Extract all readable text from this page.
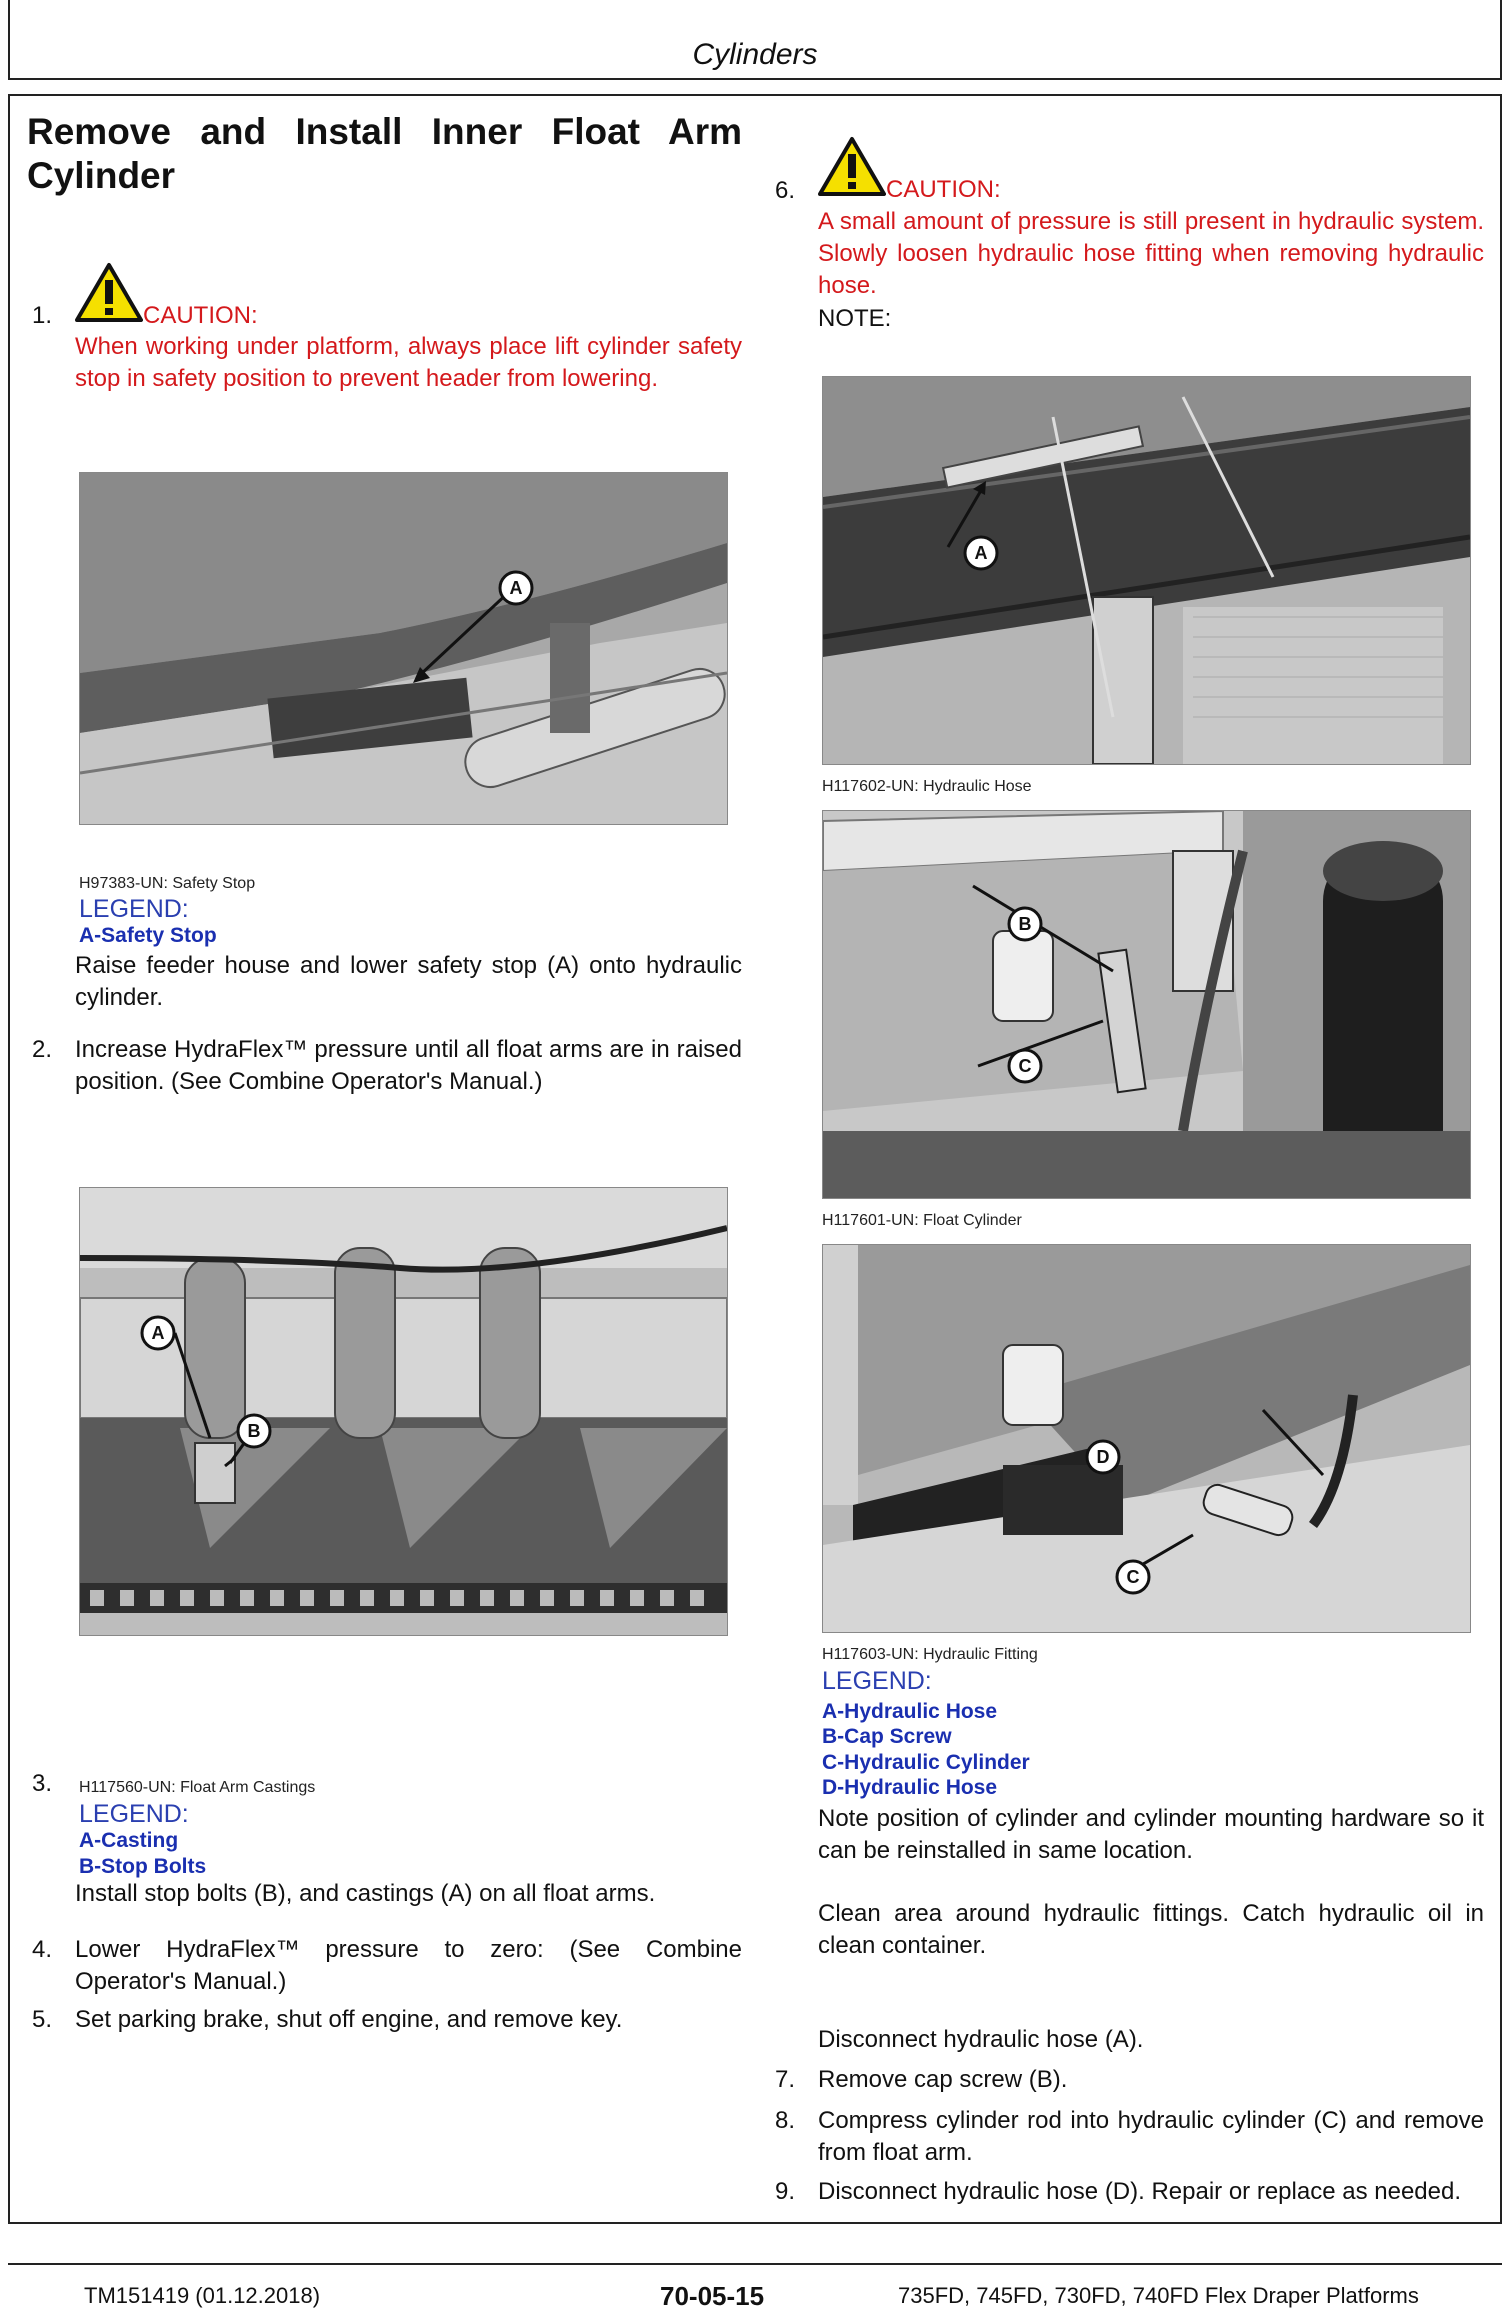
Cylinders
Remove and Install Inner Float Arm Cylinder
1.	CAUTION:
When working under platform, always place lift cylinder safety stop in safety position to prevent header from lowering.
A
H97383-UN: Safety Stop
LEGEND:
A-Safety Stop
Raise feeder house and lower safety stop (A) onto hydraulic cylinder.
2. Increase HydraFlex™ pressure until all float arms are in raised position. (See Combine Operator's Manual.)
A
B
3. H117560-UN: Float Arm Castings
LEGEND:
A-Casting
B-Stop Bolts
Install stop bolts (B), and castings (A) on all float arms.
4. Lower HydraFlex™ pressure to zero: (See Combine Operator's Manual.)
5. Set parking brake, shut off engine, and remove key.
6.	CAUTION:
A small amount of pressure is still present in hydraulic system. Slowly loosen hydraulic hose fitting when removing hydraulic hose.
NOTE:
A
H117602-UN: Hydraulic Hose
B
C
H117601-UN: Float Cylinder
D
C
H117603-UN: Hydraulic Fitting
LEGEND:
A-Hydraulic Hose
B-Cap Screw
C-Hydraulic Cylinder
D-Hydraulic Hose
Note position of cylinder and cylinder mounting hardware so it can be reinstalled in same location.
Clean area around hydraulic fittings. Catch hydraulic oil in clean container.
Disconnect hydraulic hose (A).
7. Remove cap screw (B).
8. Compress cylinder rod into hydraulic cylinder (C) and remove from float arm.
9. Disconnect hydraulic hose (D). Repair or replace as needed.
TM151419 (01.12.2018)	70-05-15	735FD, 745FD, 730FD, 740FD Flex Draper Platforms
